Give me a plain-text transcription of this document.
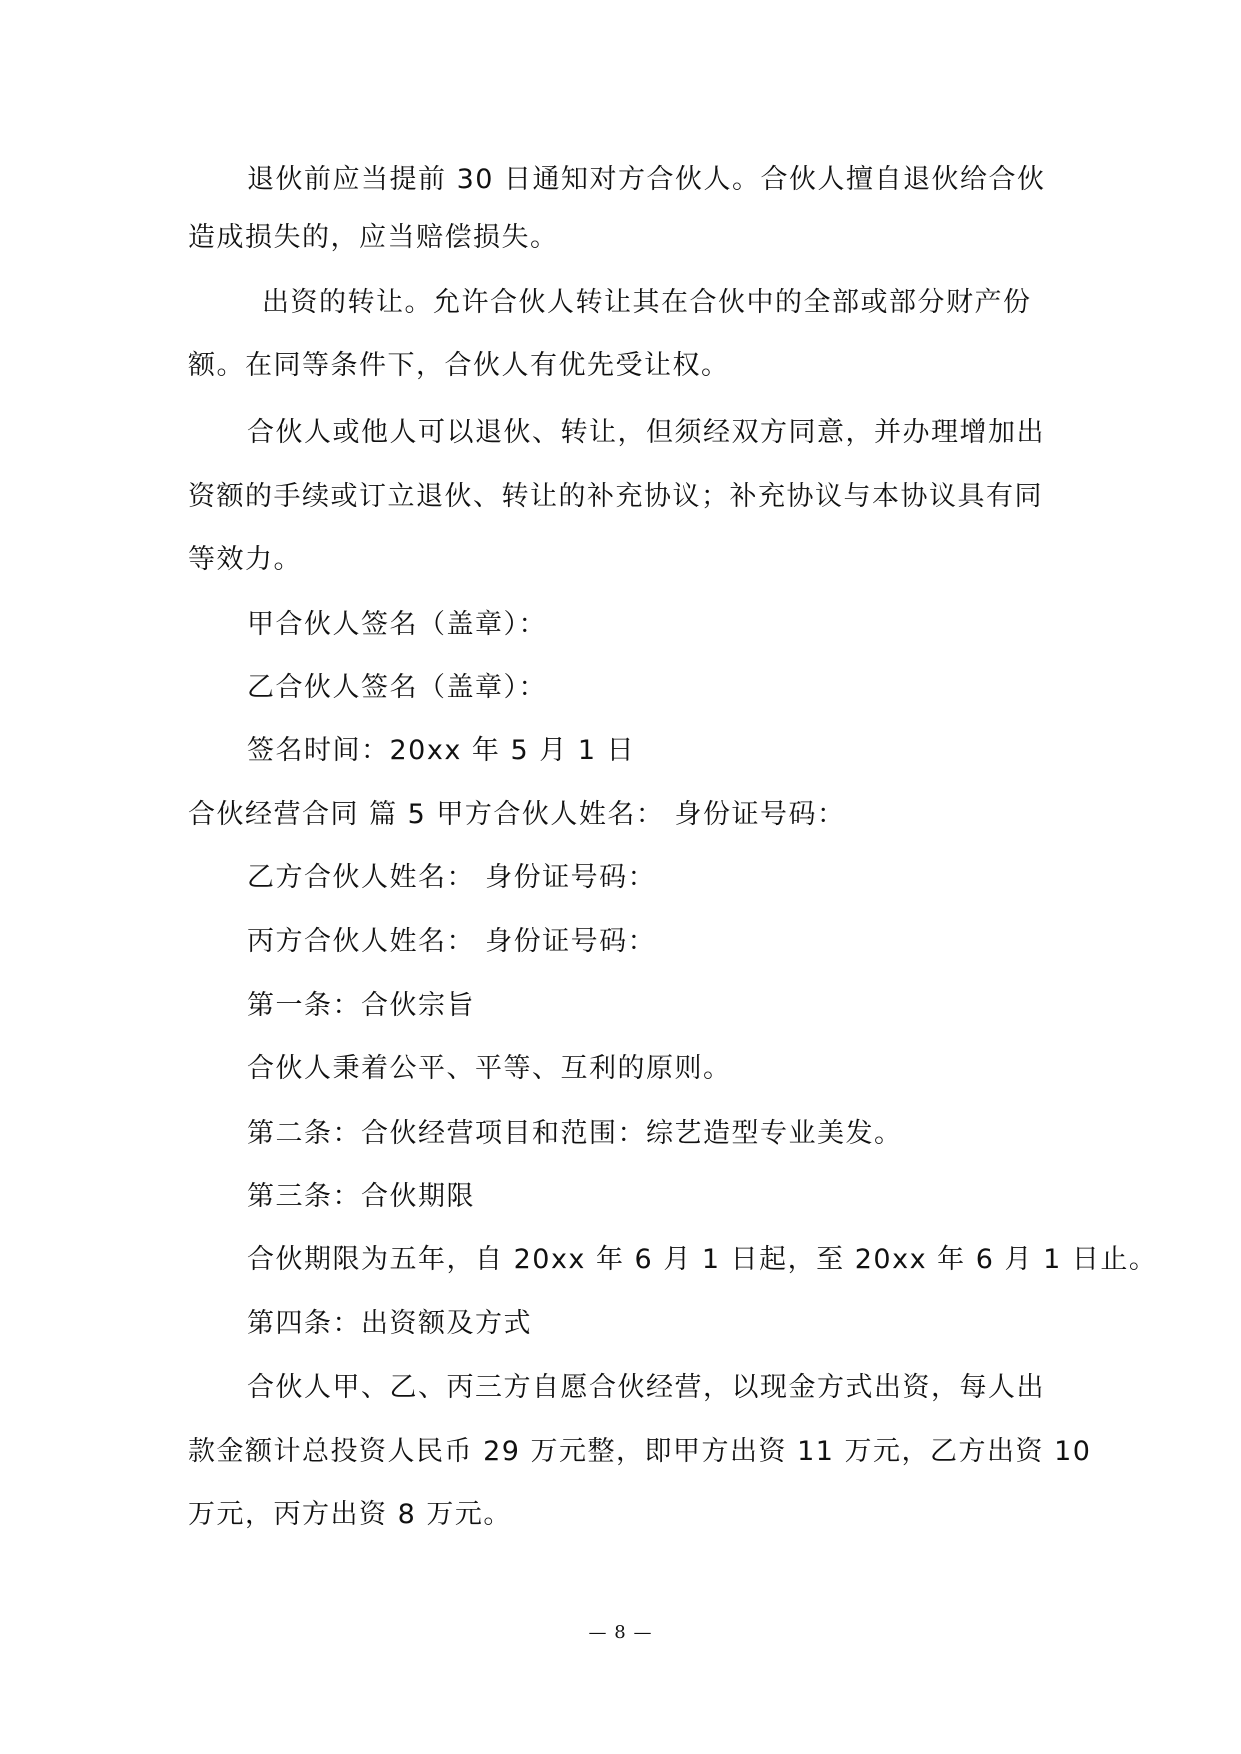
退伙前应当提前 30 日通知对方合伙人。合伙人擅自退伙给合伙
造成损失的，应当赔偿损失。
出资的转让。允许合伙人转让其在合伙中的全部或部分财产份
额。在同等条件下，合伙人有优先受让权。
合伙人或他人可以退伙、转让，但须经双方同意，并办理增加出
资额的手续或订立退伙、转让的补充协议；补充协议与本协议具有同
等效力。
甲合伙人签名（盖章）：
乙合伙人签名（盖章）：
签名时间：20xx 年 5 月 1 日
合伙经营合同 篇 5 甲方合伙人姓名： 身份证号码：
乙方合伙人姓名： 身份证号码：
丙方合伙人姓名： 身份证号码：
第一条：合伙宗旨
合伙人秉着公平、平等、互利的原则。
第二条：合伙经营项目和范围：综艺造型专业美发。
第三条：合伙期限
合伙期限为五年，自 20xx 年 6 月 1 日起，至 20xx 年 6 月 1 日止。
第四条：出资额及方式
合伙人甲、乙、丙三方自愿合伙经营，以现金方式出资，每人出
款金额计总投资人民币 29 万元整，即甲方出资 11 万元，乙方出资 10
万元，丙方出资 8 万元。
— 8 —
